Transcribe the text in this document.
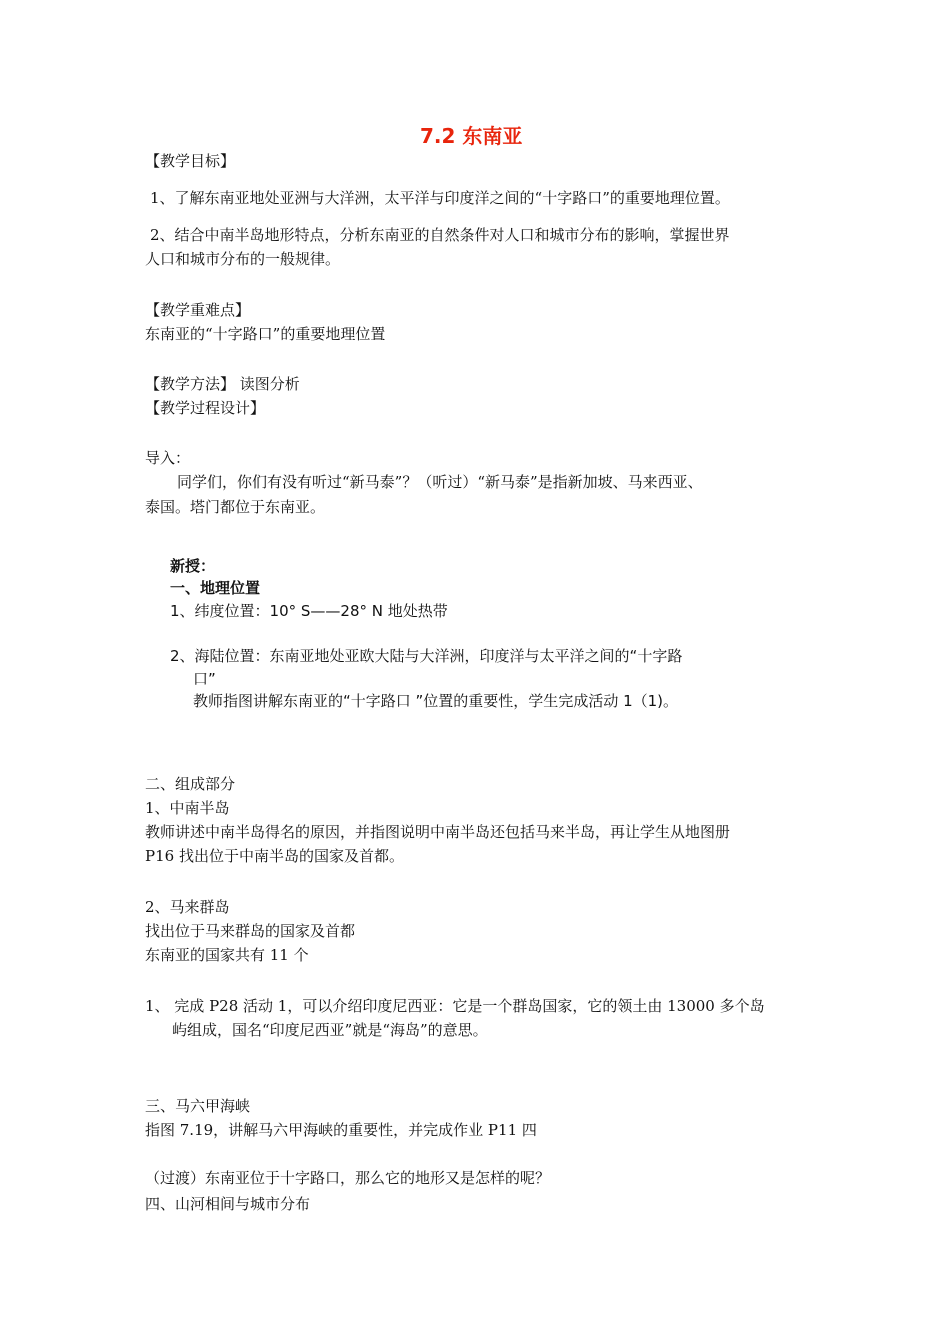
7.2 东南亚
【教学目标】
1、了解东南亚地处亚洲与大洋洲，太平洋与印度洋之间的“十字路口”的重要地理位置。
2、结合中南半岛地形特点，分析东南亚的自然条件对人口和城市分布的影响，掌握世界
人口和城市分布的一般规律。
【教学重难点】
东南亚的“十字路口”的重要地理位置
【教学方法】 读图分析
【教学过程设计】
导入：
同学们，你们有没有听过“新马泰”？（听过）“新马泰”是指新加坡、马来西亚、
泰国。塔门都位于东南亚。
新授：
一、地理位置
1、纬度位置：10° S——28° N 地处热带
2、海陆位置：东南亚地处亚欧大陆与大洋洲，印度洋与太平洋之间的“十字路
口”
教师指图讲解东南亚的“十字路口 ”位置的重要性，学生完成活动 1（1)。
二、组成部分
1、中南半岛
教师讲述中南半岛得名的原因，并指图说明中南半岛还包括马来半岛，再让学生从地图册
P16 找出位于中南半岛的国家及首都。
2、马来群岛
找出位于马来群岛的国家及首都
东南亚的国家共有 11 个
1、 完成 P28 活动 1，可以介绍印度尼西亚：它是一个群岛国家，它的领土由 13000 多个岛
屿组成，国名“印度尼西亚”就是“海岛”的意思。
三、马六甲海峡
指图 7.19，讲解马六甲海峡的重要性，并完成作业 P11 四
（过渡）东南亚位于十字路口，那么它的地形又是怎样的呢？
四、山河相间与城市分布
